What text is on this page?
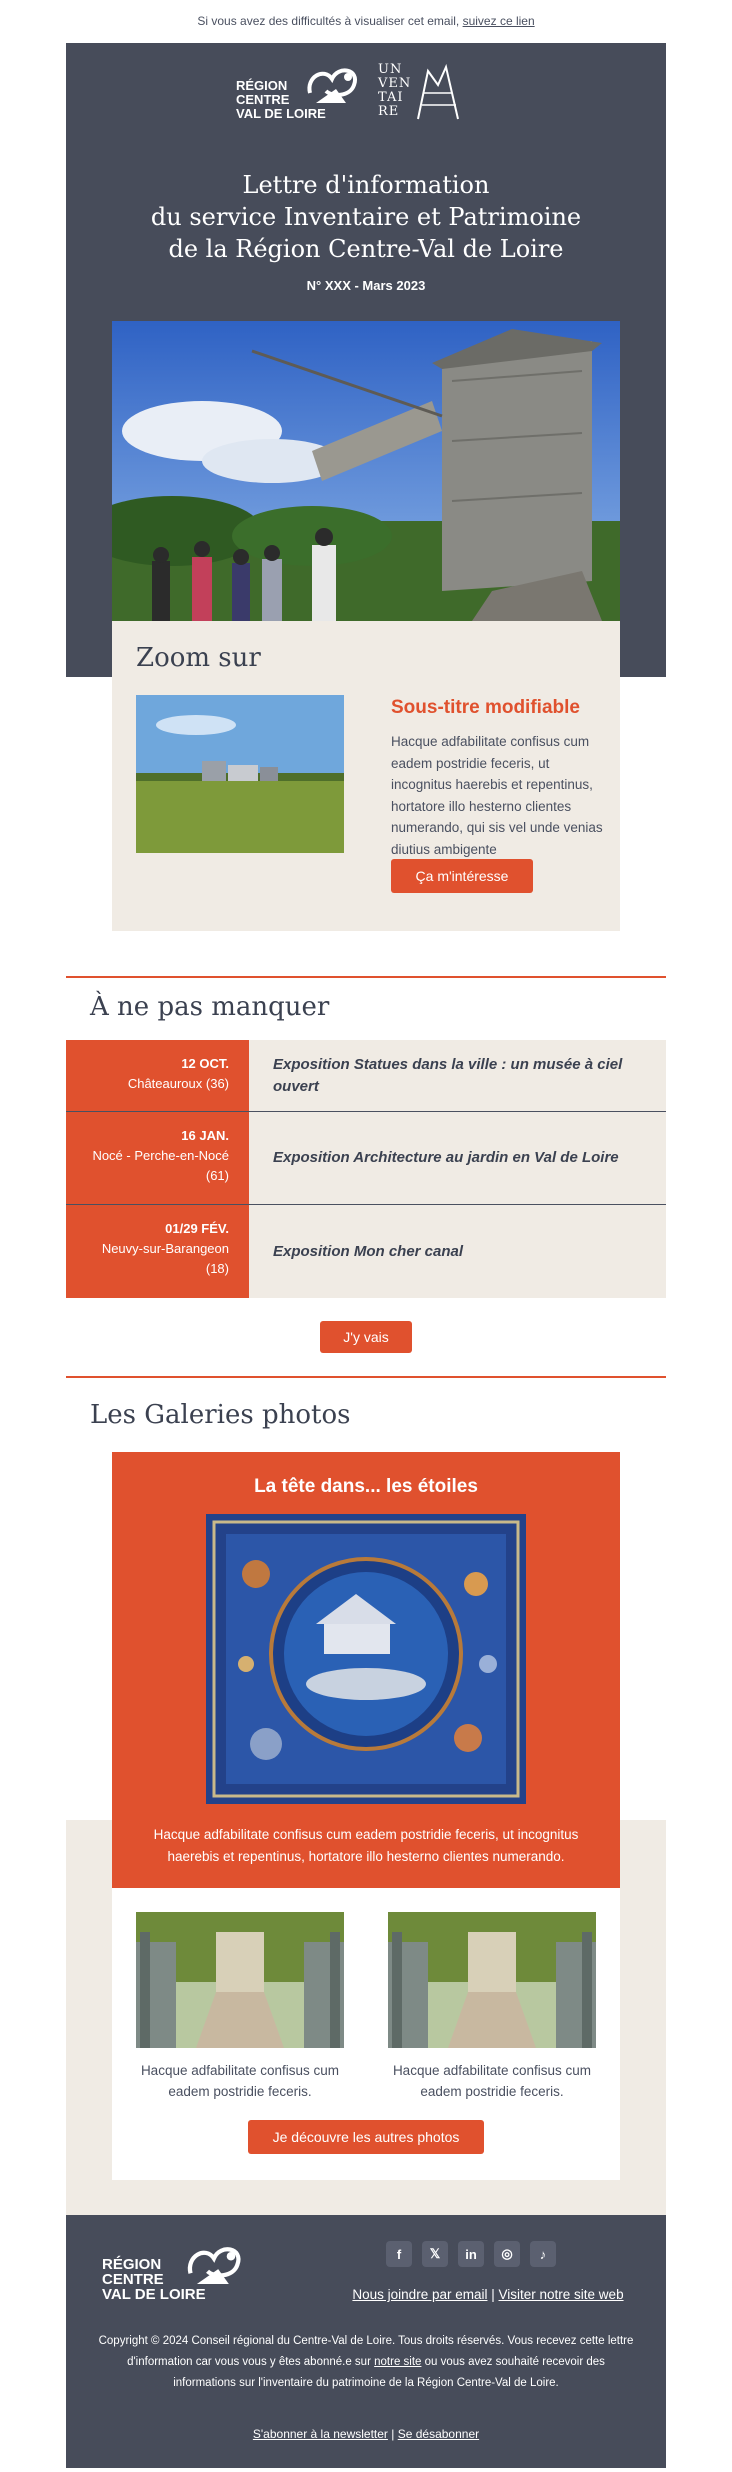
Si vous avez des difficultés à visualiser cet email, suivez ce lien
RÉGION
CENTRE
VAL DE LOIRE
UN
VEN
TAI
RE
Lettre d'information
du service Inventaire et Patrimoine
de la Région Centre-Val de Loire
N° XXX - Mars 2023
Zoom sur
Sous-titre modifiable
Hacque adfabilitate confisus cum eadem postridie feceris, ut incognitus haerebis et repentinus, hortatore illo hesterno clientes numerando, qui sis vel unde venias diutius ambigente
Ça m'intéresse
À ne pas manquer
12 OCT.
Châteauroux (36)
Exposition Statues dans la ville : un musée à ciel ouvert
16 JAN.
Nocé - Perche-en-Nocé (61)
Exposition Architecture au jardin en Val de Loire
01/29 FÉV.
Neuvy-sur-Barangeon (18)
Exposition Mon cher canal
J'y vais
Les Galeries photos
La tête dans... les étoiles
Hacque adfabilitate confisus cum eadem postridie feceris, ut incognitus haerebis et repentinus, hortatore illo hesterno clientes numerando.
Hacque adfabilitate confisus cum eadem postridie feceris.
Hacque adfabilitate confisus cum eadem postridie feceris.
Je découvre les autres photos
RÉGION
CENTRE
VAL DE LOIRE
f	𝕏	in	◎	♪
Nous joindre par email | Visiter notre site web
Copyright © 2024 Conseil régional du Centre-Val de Loire. Tous droits réservés. Vous recevez cette lettre d'information car vous vous y êtes abonné.e sur notre site ou vous avez souhaité recevoir des informations sur l'inventaire du patrimoine de la Région Centre-Val de Loire.
S'abonner à la newsletter | Se désabonner
